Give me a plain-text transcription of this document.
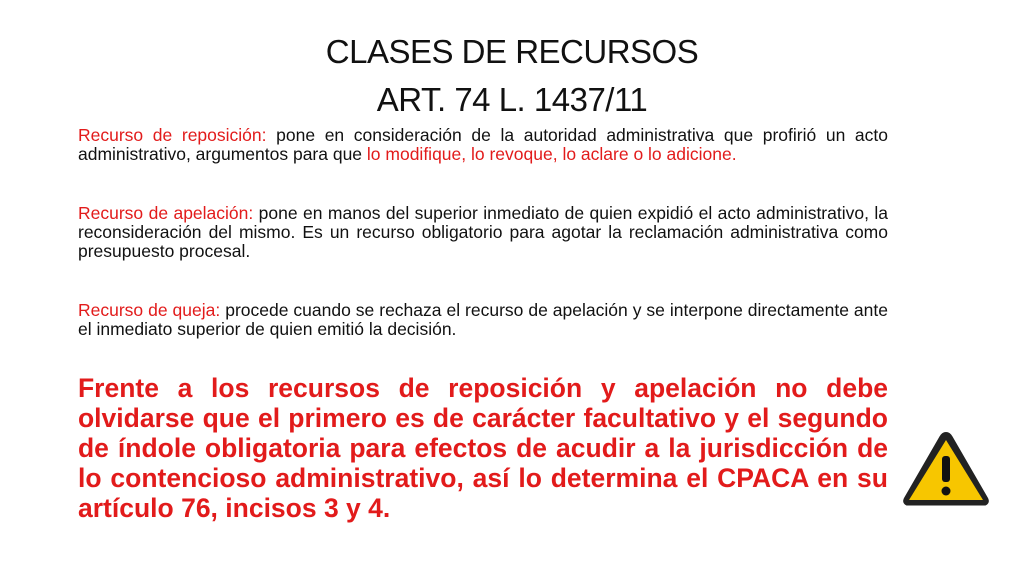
CLASES DE RECURSOS
ART. 74 L. 1437/11

Recurso de reposición: pone en consideración de la autoridad administrativa que profirió un acto administrativo, argumentos para que lo modifique, lo revoque, lo aclare o lo adicione.

Recurso de apelación: pone en manos del superior inmediato de quien expidió el acto administrativo, la reconsideración del mismo. Es un recurso obligatorio para agotar la reclamación administrativa como presupuesto procesal.

Recurso de queja: procede cuando se rechaza el recurso de apelación y se interpone directamente ante el inmediato superior de quien emitió la decisión.

Frente a los recursos de reposición y apelación no debe olvidarse que el primero es de carácter facultativo y el segundo de índole obligatoria para efectos de acudir a la jurisdicción de lo contencioso administrativo, así lo determina el CPACA en su artículo 76, incisos 3 y 4.
